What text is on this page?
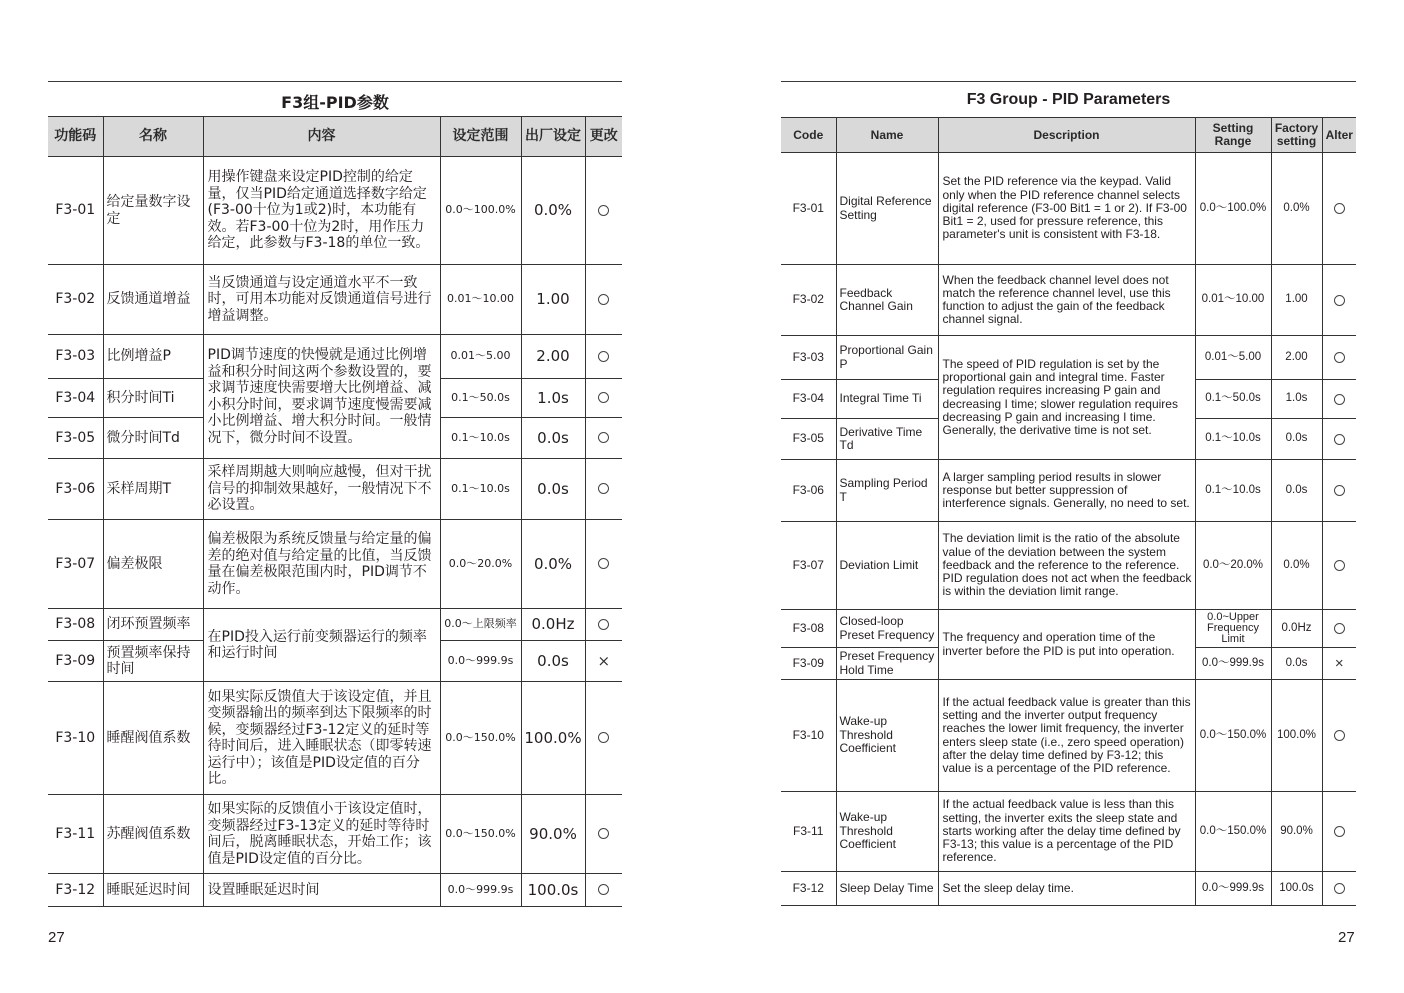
F3组-PID参数
功能码	名称	内容	设定范围	出厂设定	更改
F3-01	给定量数字设定	用操作键盘来设定PID控制的给定量，仅当PID给定通道选择数字给定(F3-00十位为1或2)时，本功能有效。若F3-00十位为2时，用作压力给定，此参数与F3-18的单位一致。	0.0～100.0%	0.0%	
F3-02	反馈通道增益	当反馈通道与设定通道水平不一致时，可用本功能对反馈通道信号进行增益调整。	0.01～10.00	1.00	
F3-03	比例增益P	PID调节速度的快慢就是通过比例增益和积分时间这两个参数设置的，要求调节速度快需要增大比例增益、减小积分时间，要求调节速度慢需要减小比例增益、增大积分时间。一般情况下，微分时间不设置。	0.01～5.00	2.00	
F3-04	积分时间Ti		0.1～50.0s	1.0s	
F3-05	微分时间Td		0.1～10.0s	0.0s	
F3-06	采样周期T	采样周期越大则响应越慢，但对干扰信号的抑制效果越好，一般情况下不必设置。	0.1～10.0s	0.0s	
F3-07	偏差极限	偏差极限为系统反馈量与给定量的偏差的绝对值与给定量的比值，当反馈量在偏差极限范围内时，PID调节不动作。	0.0～20.0%	0.0%	
F3-08	闭环预置频率	在PID投入运行前变频器运行的频率和运行时间	0.0～上限频率	0.0Hz	
F3-09	预置频率保持时间		0.0～999.9s	0.0s	×
F3-10	睡醒阀值系数	如果实际反馈值大于该设定值，并且变频器输出的频率到达下限频率的时候，变频器经过F3-12定义的延时等待时间后，进入睡眠状态（即零转速运行中）；该值是PID设定值的百分比。	0.0～150.0%	100.0%	
F3-11	苏醒阀值系数	如果实际的反馈值小于该设定值时，变频器经过F3-13定义的延时等待时间后，脱离睡眠状态，开始工作；该值是PID设定值的百分比。	0.0～150.0%	90.0%	
F3-12	睡眠延迟时间	设置睡眠延迟时间	0.0～999.9s	100.0s	
27
F3 Group - PID Parameters
Code	Name	Description	Setting Range	Factory setting	Alter
F3-01	Digital Reference Setting	Set the PID reference via the keypad. Valid only when the PID reference channel selects digital reference (F3-00 Bit1 = 1 or 2). If F3-00 Bit1 = 2, used for pressure reference, this parameter's unit is consistent with F3-18.	0.0～100.0%	0.0%	
F3-02	Feedback Channel Gain	When the feedback channel level does not match the reference channel level, use this function to adjust the gain of the feedback channel signal.	0.01～10.00	1.00	
F3-03	Proportional Gain P	The speed of PID regulation is set by the proportional gain and integral time. Faster regulation requires increasing P gain and decreasing I time; slower regulation requires decreasing P gain and increasing I time. Generally, the derivative time is not set.	0.01～5.00	2.00	
F3-04	Integral Time Ti		0.1～50.0s	1.0s	
F3-05	Derivative Time Td		0.1～10.0s	0.0s	
F3-06	Sampling Period T	A larger sampling period results in slower response but better suppression of interference signals. Generally, no need to set.	0.1～10.0s	0.0s	
F3-07	Deviation Limit	The deviation limit is the ratio of the absolute value of the deviation between the system feedback and the reference to the reference. PID regulation does not act when the feedback is within the deviation limit range.	0.0～20.0%	0.0%	
F3-08	Closed-loop Preset Frequency	The frequency and operation time of the inverter before the PID is put into operation.	0.0~Upper Frequency Limit	0.0Hz	
F3-09	Preset Frequency Hold Time		0.0～999.9s	0.0s	×
F3-10	Wake-up Threshold Coefficient	If the actual feedback value is greater than this setting and the inverter output frequency reaches the lower limit frequency, the inverter enters sleep state (i.e., zero speed operation) after the delay time defined by F3-12; this value is a percentage of the PID reference.	0.0～150.0%	100.0%	
F3-11	Wake-up Threshold Coefficient	If the actual feedback value is less than this setting, the inverter exits the sleep state and starts working after the delay time defined by F3-13; this value is a percentage of the PID reference.	0.0～150.0%	90.0%	
F3-12	Sleep Delay Time	Set the sleep delay time.	0.0～999.9s	100.0s	
27
